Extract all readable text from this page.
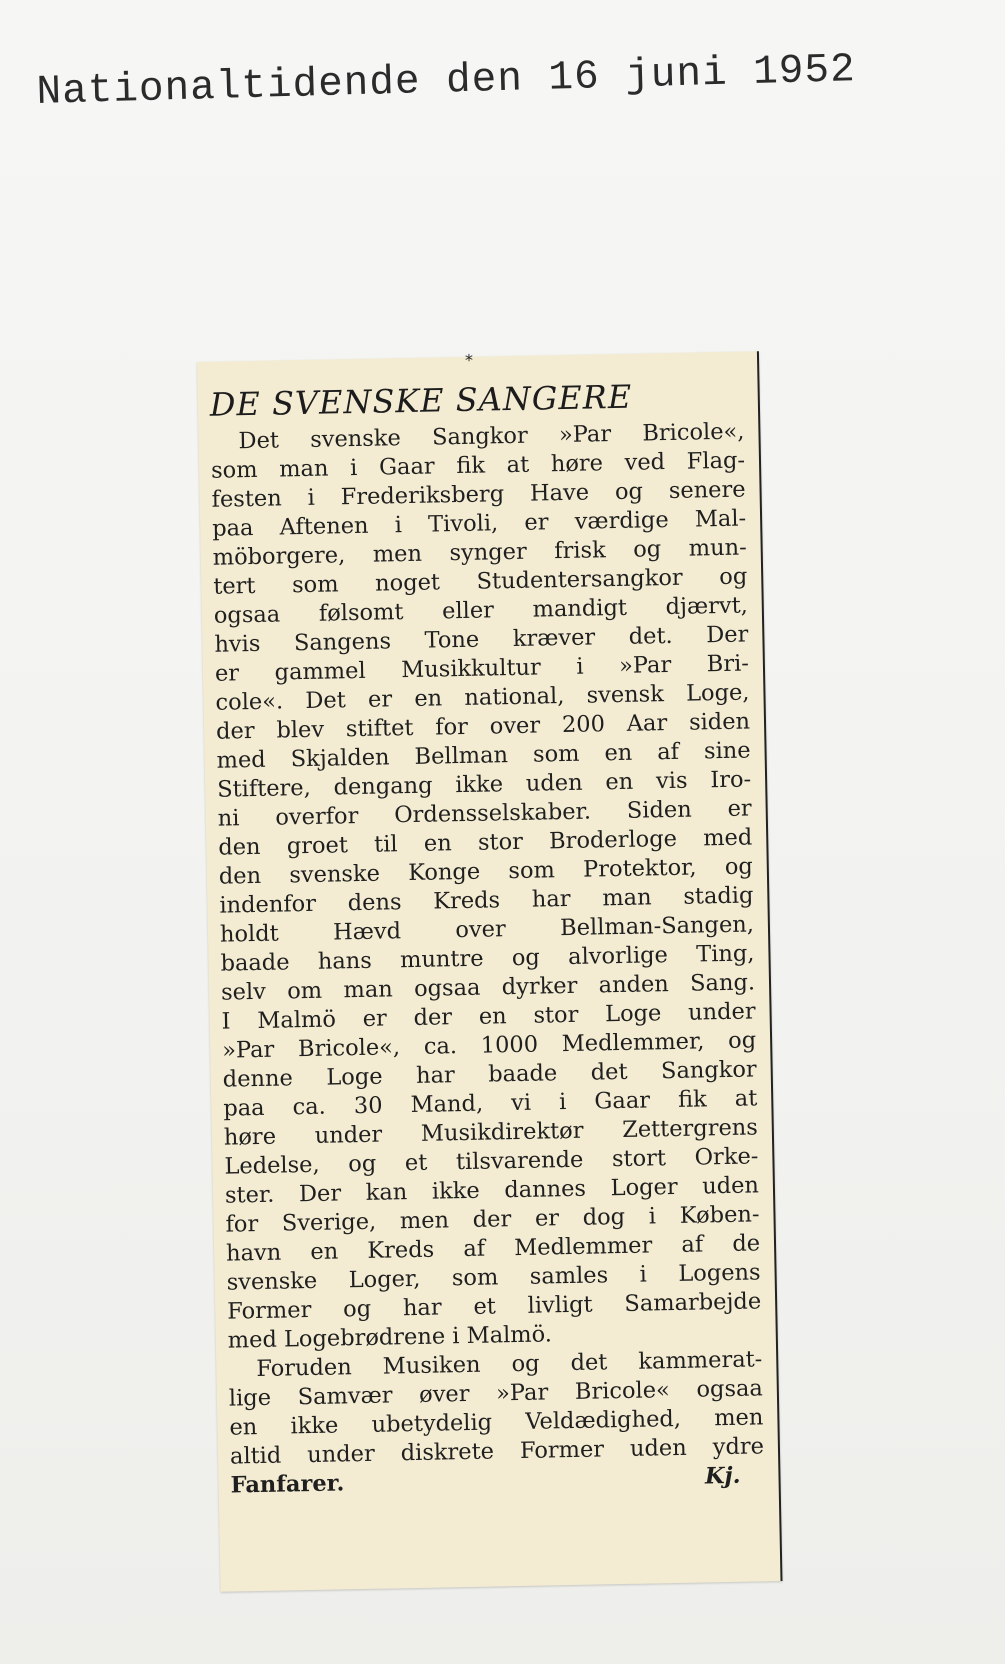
Nationaltidende den 16 juni 1952
*
DE SVENSKE SANGERE
Det svenske Sangkor »Par Bricole«,
som man i Gaar fik at høre ved Flag-
festen i Frederiksberg Have og senere
paa Aftenen i Tivoli, er værdige Mal-
möborgere, men synger frisk og mun-
tert som noget Studentersangkor og
ogsaa følsomt eller mandigt djærvt,
hvis Sangens Tone kræver det. Der
er gammel Musikkultur i »Par Bri-
cole«. Det er en national, svensk Loge,
der blev stiftet for over 200 Aar siden
med Skjalden Bellman som en af sine
Stiftere, dengang ikke uden en vis Iro-
ni overfor Ordensselskaber. Siden er
den groet til en stor Broderloge med
den svenske Konge som Protektor, og
indenfor dens Kreds har man stadig
holdt Hævd over Bellman-Sangen,
baade hans muntre og alvorlige Ting,
selv om man ogsaa dyrker anden Sang.
I Malmö er der en stor Loge under
»Par Bricole«, ca. 1000 Medlemmer, og
denne Loge har baade det Sangkor
paa ca. 30 Mand, vi i Gaar fik at
høre under Musikdirektør Zettergrens
Ledelse, og et tilsvarende stort Orke-
ster. Der kan ikke dannes Loger uden
for Sverige, men der er dog i Køben-
havn en Kreds af Medlemmer af de
svenske Loger, som samles i Logens
Former og har et livligt Samarbejde
med Logebrødrene i Malmö.
Foruden Musiken og det kammerat-
lige Samvær øver »Par Bricole« ogsaa
en ikke ubetydelig Veldædighed, men
altid under diskrete Former uden ydre
Fanfarer.	Kj.
